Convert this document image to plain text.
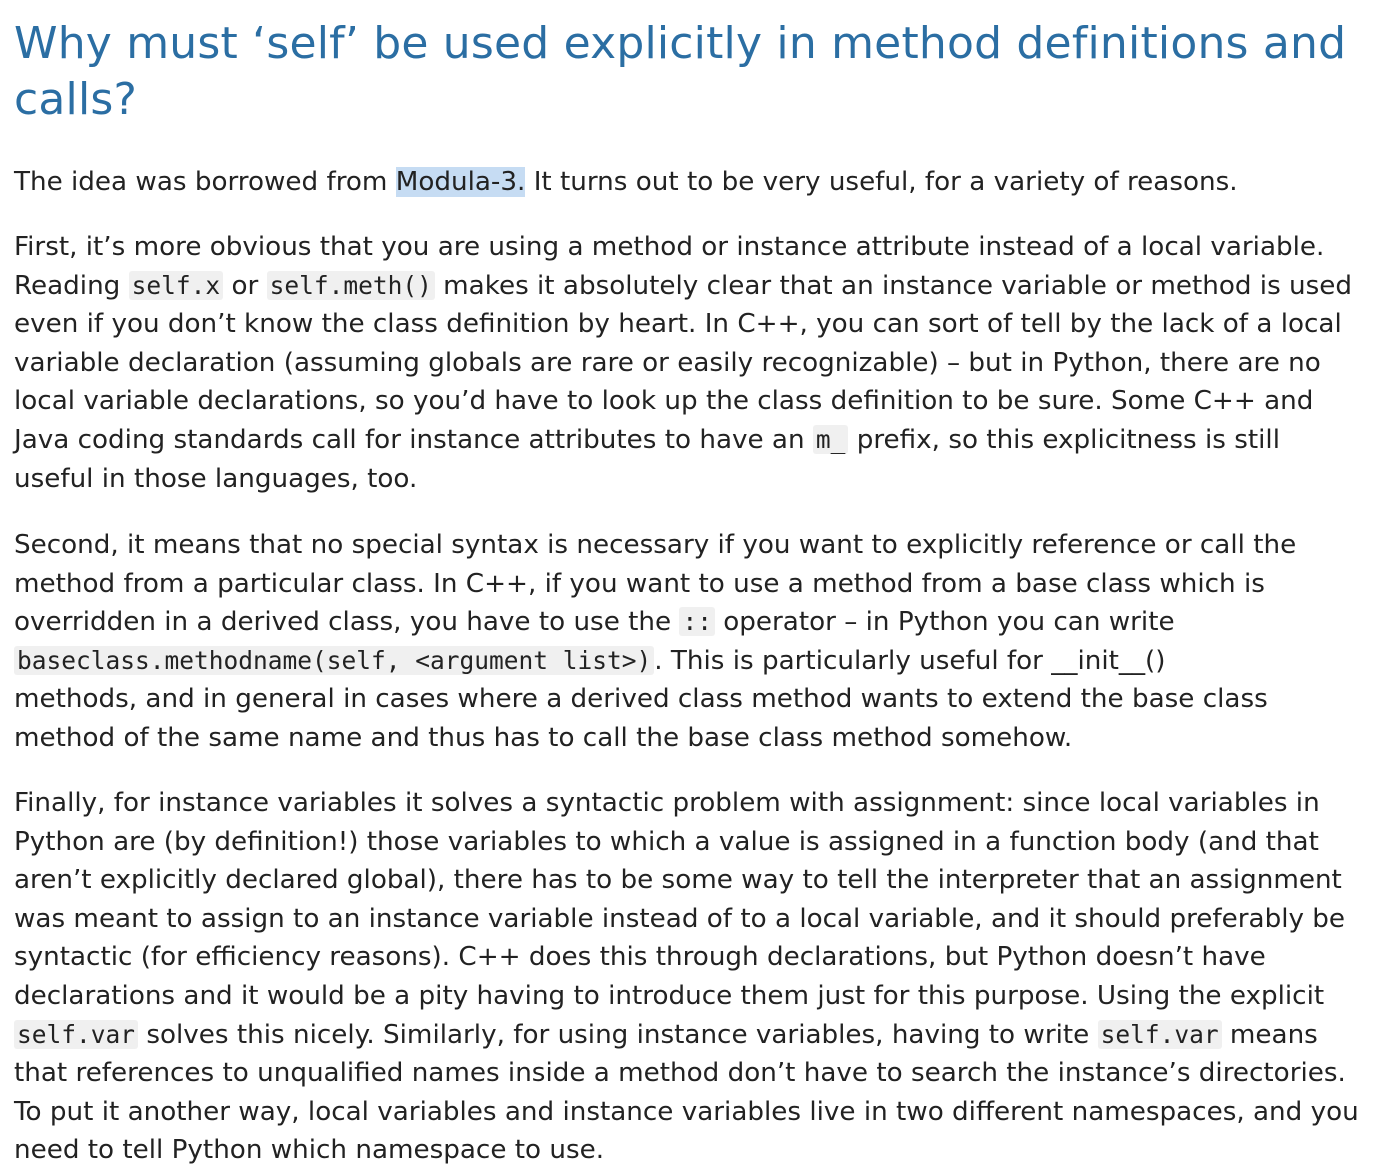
Why must ‘self’ be used explicitly in method definitions and calls?

The idea was borrowed from Modula-3. It turns out to be very useful, for a variety of reasons.

First, it’s more obvious that you are using a method or instance attribute instead of a local variable.
Reading self.x or self.meth() makes it absolutely clear that an instance variable or method is used
even if you don’t know the class definition by heart. In C++, you can sort of tell by the lack of a local
variable declaration (assuming globals are rare or easily recognizable) – but in Python, there are no
local variable declarations, so you’d have to look up the class definition to be sure. Some C++ and
Java coding standards call for instance attributes to have an m_ prefix, so this explicitness is still
useful in those languages, too.

Second, it means that no special syntax is necessary if you want to explicitly reference or call the
method from a particular class. In C++, if you want to use a method from a base class which is
overridden in a derived class, you have to use the :: operator – in Python you can write
baseclass.methodname(self, <argument list>) . This is particularly useful for __init__()
methods, and in general in cases where a derived class method wants to extend the base class
method of the same name and thus has to call the base class method somehow.

Finally, for instance variables it solves a syntactic problem with assignment: since local variables in
Python are (by definition!) those variables to which a value is assigned in a function body (and that
aren’t explicitly declared global), there has to be some way to tell the interpreter that an assignment
was meant to assign to an instance variable instead of to a local variable, and it should preferably be
syntactic (for efficiency reasons). C++ does this through declarations, but Python doesn’t have
declarations and it would be a pity having to introduce them just for this purpose. Using the explicit
self.var solves this nicely. Similarly, for using instance variables, having to write self.var means
that references to unqualified names inside a method don’t have to search the instance’s directories.
To put it another way, local variables and instance variables live in two different namespaces, and you
need to tell Python which namespace to use.
